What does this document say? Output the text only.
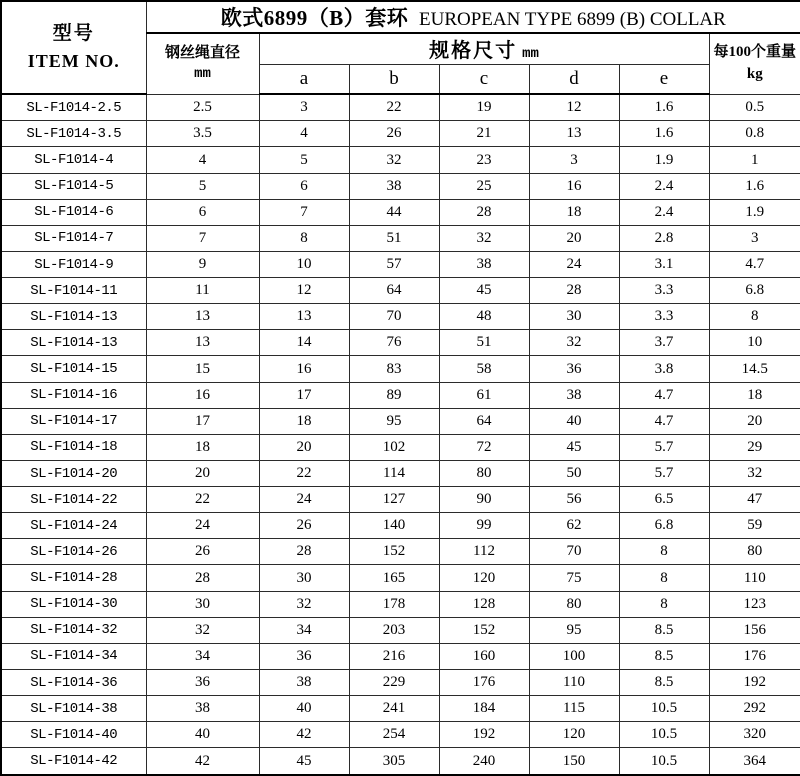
型号
ITEM NO.	欧式6899（B）套环 EUROPEAN TYPE 6899 (B) COLLAR						

钢丝绳直径
mm
	规格尺寸 mm	每100个重量
kg

		a	b	c	d	e	
SL-F1014-2.5	2.5	3	22	19	12	1.6	0.5
SL-F1014-3.5	3.5	4	26	21	13	1.6	0.8
SL-F1014-4	4	5	32	23	3	1.9	1
SL-F1014-5	5	6	38	25	16	2.4	1.6
SL-F1014-6	6	7	44	28	18	2.4	1.9
SL-F1014-7	7	8	51	32	20	2.8	3
SL-F1014-9	9	10	57	38	24	3.1	4.7
SL-F1014-11	11	12	64	45	28	3.3	6.8
SL-F1014-13	13	13	70	48	30	3.3	8
SL-F1014-13	13	14	76	51	32	3.7	10
SL-F1014-15	15	16	83	58	36	3.8	14.5
SL-F1014-16	16	17	89	61	38	4.7	18
SL-F1014-17	17	18	95	64	40	4.7	20
SL-F1014-18	18	20	102	72	45	5.7	29
SL-F1014-20	20	22	114	80	50	5.7	32
SL-F1014-22	22	24	127	90	56	6.5	47
SL-F1014-24	24	26	140	99	62	6.8	59
SL-F1014-26	26	28	152	112	70	8	80
SL-F1014-28	28	30	165	120	75	8	110
SL-F1014-30	30	32	178	128	80	8	123
SL-F1014-32	32	34	203	152	95	8.5	156
SL-F1014-34	34	36	216	160	100	8.5	176
SL-F1014-36	36	38	229	176	110	8.5	192
SL-F1014-38	38	40	241	184	115	10.5	292
SL-F1014-40	40	42	254	192	120	10.5	320
SL-F1014-42	42	45	305	240	150	10.5	364
